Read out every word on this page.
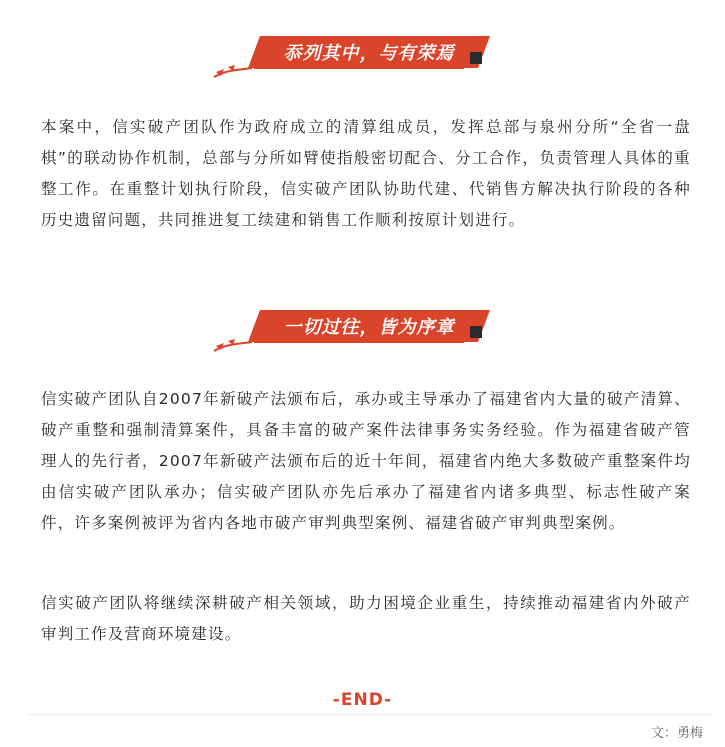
忝列其中，与有荣焉

本案中，信实破产团队作为政府成立的清算组成员，发挥总部与泉州分所“全省一盘棋”的联动协作机制，总部与分所如臂使指般密切配合、分工合作，负责管理人具体的重整工作。在重整计划执行阶段，信实破产团队协助代建、代销售方解决执行阶段的各种历史遗留问题，共同推进复工续建和销售工作顺利按原计划进行。

一切过往，皆为序章

信实破产团队自2007年新破产法颁布后，承办或主导承办了福建省内大量的破产清算、破产重整和强制清算案件，具备丰富的破产案件法律事务实务经验。作为福建省破产管理人的先行者，2007年新破产法颁布后的近十年间，福建省内绝大多数破产重整案件均由信实破产团队承办；信实破产团队亦先后承办了福建省内诸多典型、标志性破产案件，许多案例被评为省内各地市破产审判典型案例、福建省破产审判典型案例。

信实破产团队将继续深耕破产相关领域，助力困境企业重生，持续推动福建省内外破产审判工作及营商环境建设。

-END-
文：勇梅
